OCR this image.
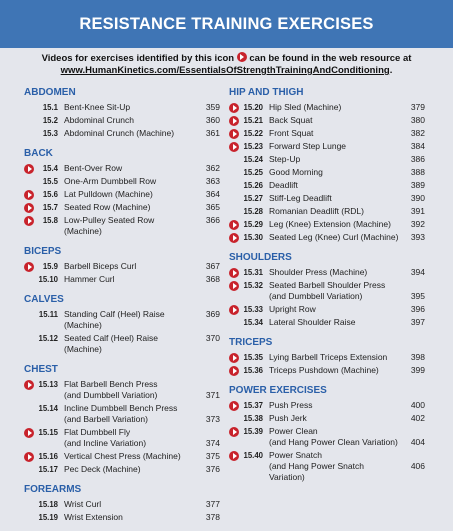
RESISTANCE TRAINING EXERCISES
Videos for exercises identified by this icon can be found in the web resource at
www.HumanKinetics.com/EssentialsOfStrengthTrainingAndConditioning.
ABDOMEN
15.1 Bent-Knee Sit-Up	359
15.2 Abdominal Crunch	360
15.3 Abdominal Crunch (Machine)	361
BACK
15.4 Bent-Over Row	362
15.5 One-Arm Dumbbell Row	363
15.6 Lat Pulldown (Machine)	364
15.7 Seated Row (Machine)	365
15.8 Low-Pulley Seated Row (Machine)
366
BICEPS
15.9 Barbell Biceps Curl	367
15.10 Hammer Curl	368
CALVES
15.11 Standing Calf (Heel) Raise (Machine)
369
15.12 Seated Calf (Heel) Raise (Machine)
370
CHEST
15.13 Flat Barbell Bench Press
(and Dumbbell Variation)	371
15.14 Incline Dumbbell Bench Press
(and Barbell Variation)	373
15.15 Flat Dumbbell Fly
(and Incline Variation)	374
15.16 Vertical Chest Press (Machine)	375
15.17 Pec Deck (Machine)	376
FOREARMS
15.18 Wrist Curl	377
15.19 Wrist Extension	378
HIP AND THIGH
15.20 Hip Sled (Machine)	379
15.21 Back Squat	380
15.22 Front Squat	382
15.23 Forward Step Lunge	384
15.24 Step-Up	386
15.25 Good Morning	388
15.26 Deadlift	389
15.27 Stiff-Leg Deadlift	390
15.28 Romanian Deadlift (RDL)	391
15.29 Leg (Knee) Extension (Machine)	392
15.30 Seated Leg (Knee) Curl (Machine)	393
SHOULDERS
15.31 Shoulder Press (Machine)	394
15.32 Seated Barbell Shoulder Press
(and Dumbbell Variation)	395
15.33 Upright Row	396
15.34 Lateral Shoulder Raise	397
TRICEPS
15.35 Lying Barbell Triceps Extension	398
15.36 Triceps Pushdown (Machine)	399
POWER EXERCISES
15.37 Push Press	400
15.38 Push Jerk	402
15.39 Power Clean
(and Hang Power Clean Variation)	404
15.40 Power Snatch
(and Hang Power Snatch Variation)
406
